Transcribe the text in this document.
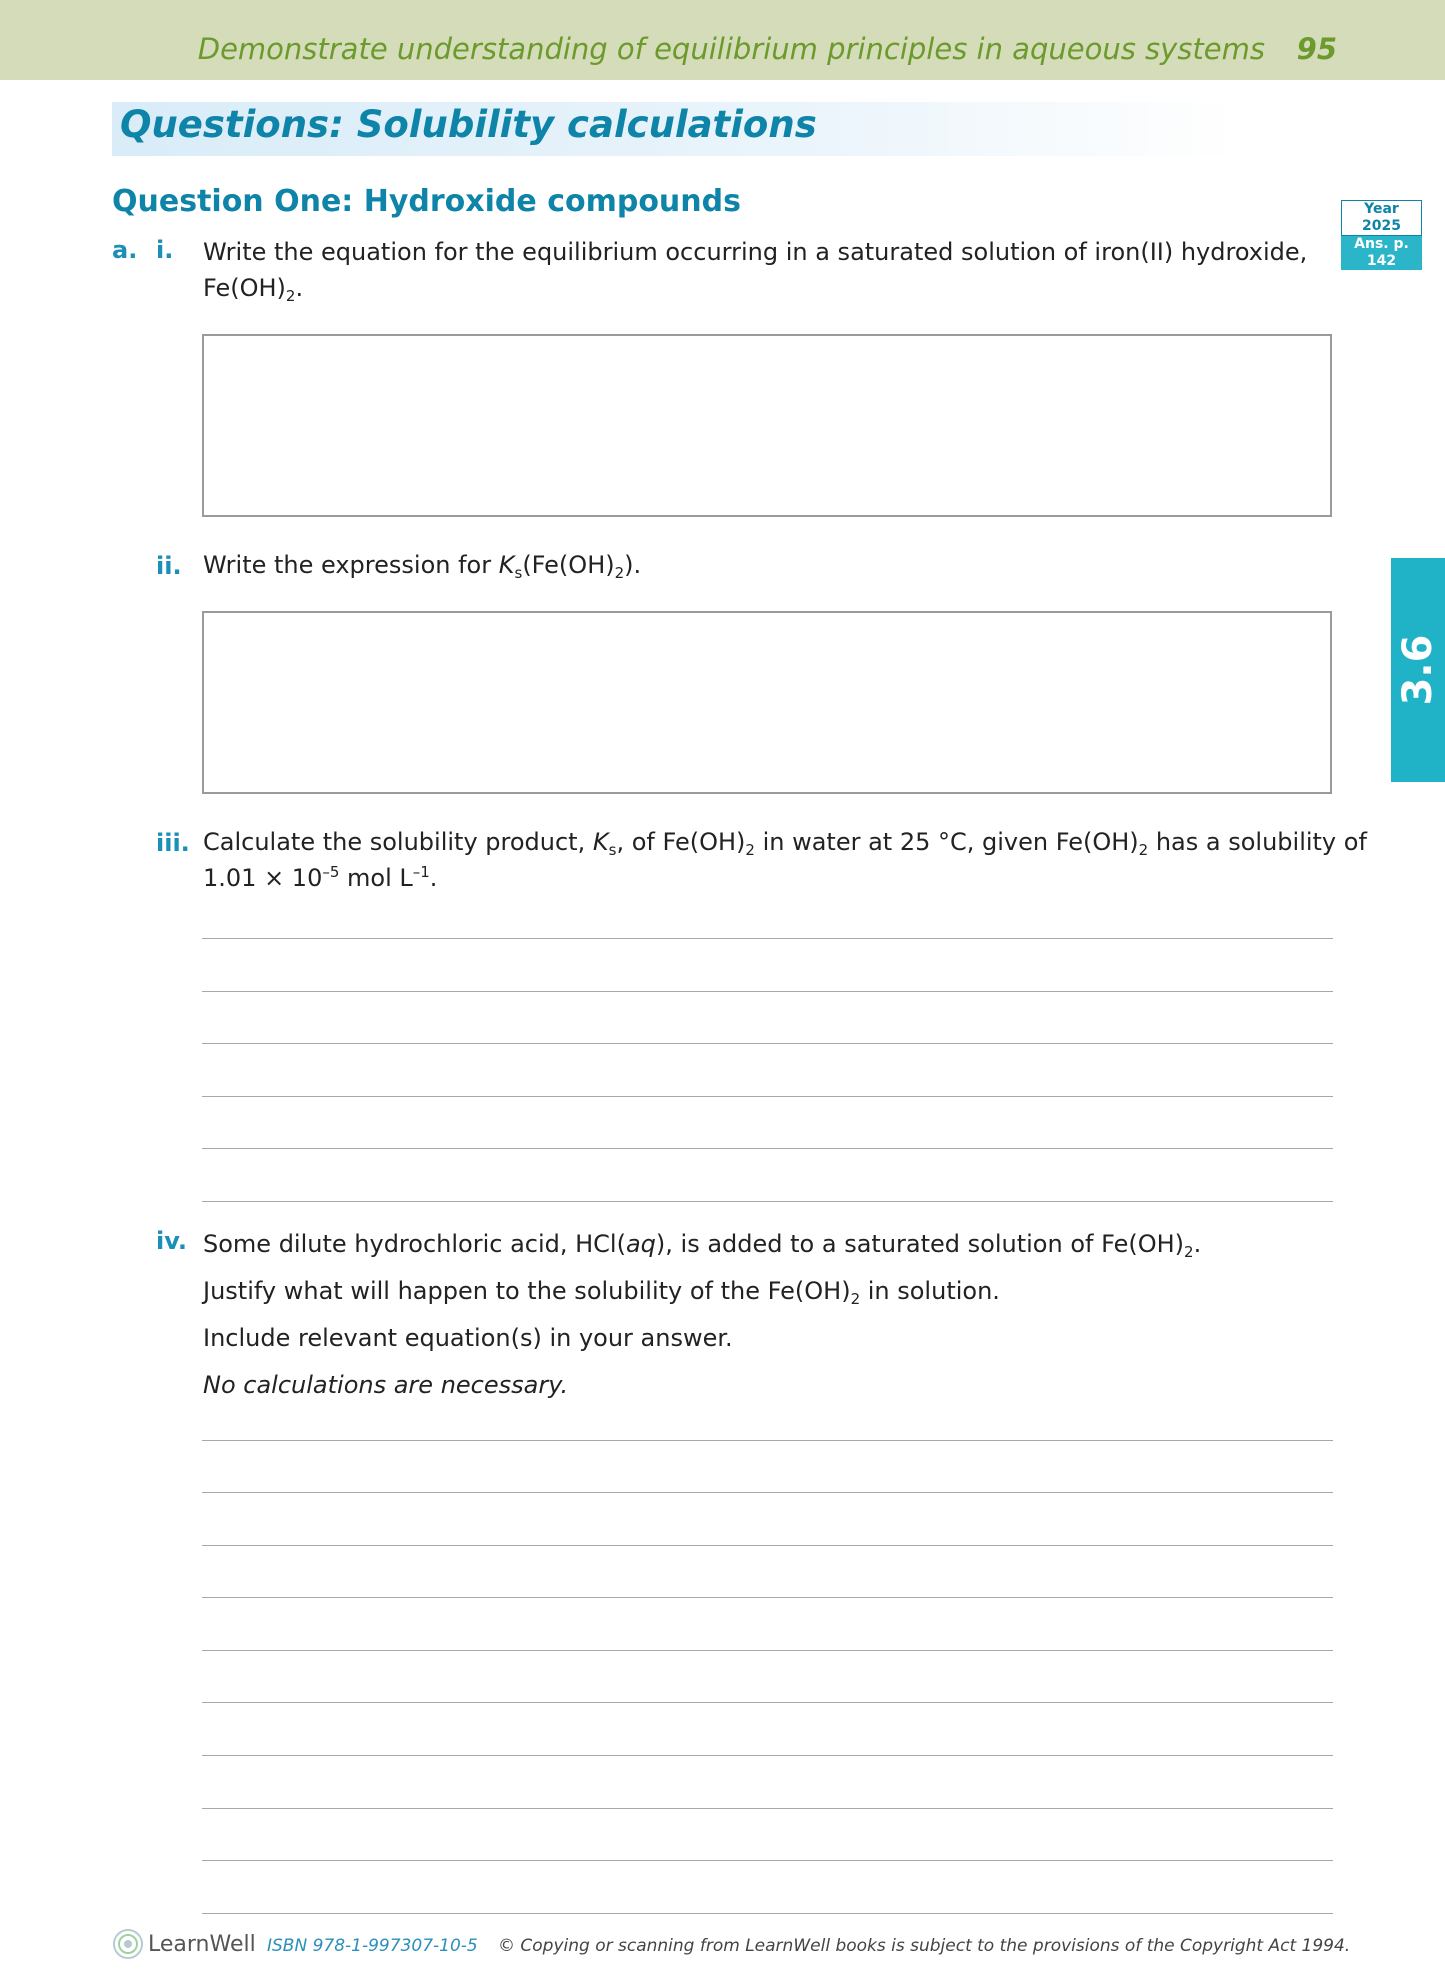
Demonstrate understanding of equilibrium principles in aqueous systems 95
Questions: Solubility calculations
Question One: Hydroxide compounds	Year 2025
Ans. p. 142
3.6
a. i. Write the equation for the equilibrium occurring in a saturated solution of iron(II) hydroxide,
$Fe(OH)_2$.
ii. Write the expression for $K_s(Fe(OH)_2)$.
iii. Calculate the solubility product, $K_s$, of $Fe(OH)_2$ in water at 25 °C, given $Fe(OH)_2$ has a solubility of
$1.01 \times 10^{-5}$ mol $L^{-1}$.
iv. Some dilute hydrochloric acid, HCl(aq), is added to a saturated solution of $Fe(OH)_2$.
Justify what will happen to the solubility of the $Fe(OH)_2$ in solution.
Include relevant equation(s) in your answer.
No calculations are necessary.
LearnWell ISBN 978-1-997307-10-5 © Copying or scanning from LearnWell books is subject to the provisions of the Copyright Act 1994.
